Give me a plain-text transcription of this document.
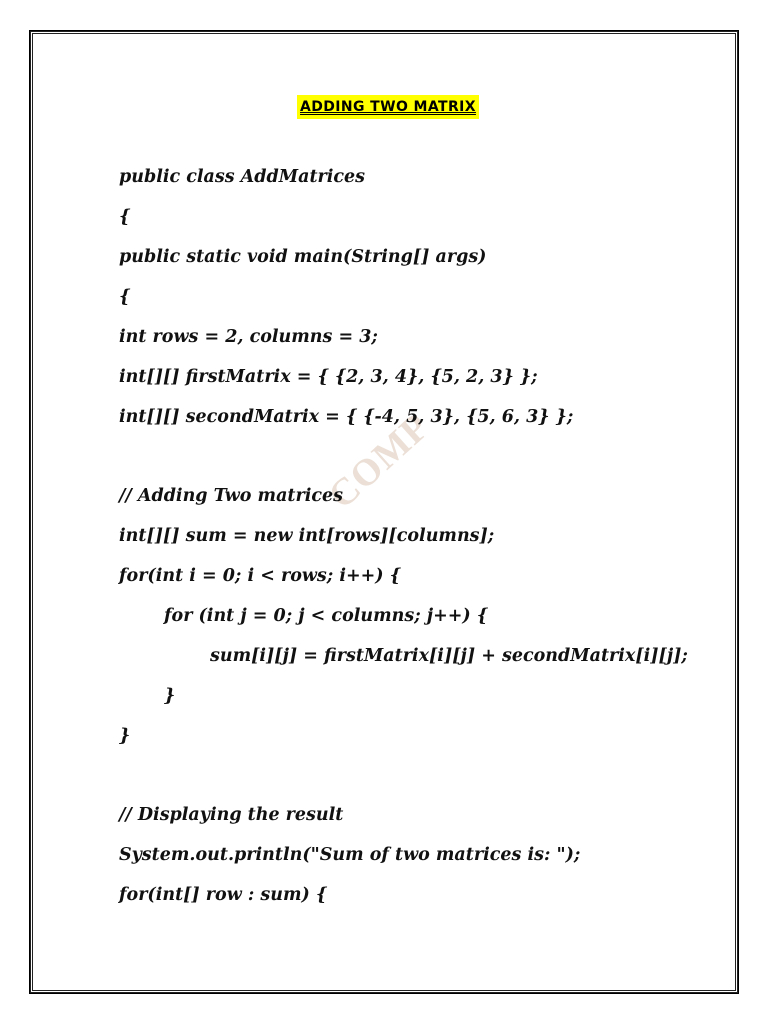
ADDING TWO MATRIX
COMP
public class AddMatrices
{
public static void main(String[] args)
{
int rows = 2, columns = 3;
int[][] firstMatrix = { {2, 3, 4}, {5, 2, 3} };
int[][] secondMatrix = { {-4, 5, 3}, {5, 6, 3} };
// Adding Two matrices
int[][] sum = new int[rows][columns];
for(int i = 0; i < rows; i++) {
for (int j = 0; j < columns; j++) {
sum[i][j] = firstMatrix[i][j] + secondMatrix[i][j];
}
}
// Displaying the result
System.out.println("Sum of two matrices is: ");
for(int[] row : sum) {
